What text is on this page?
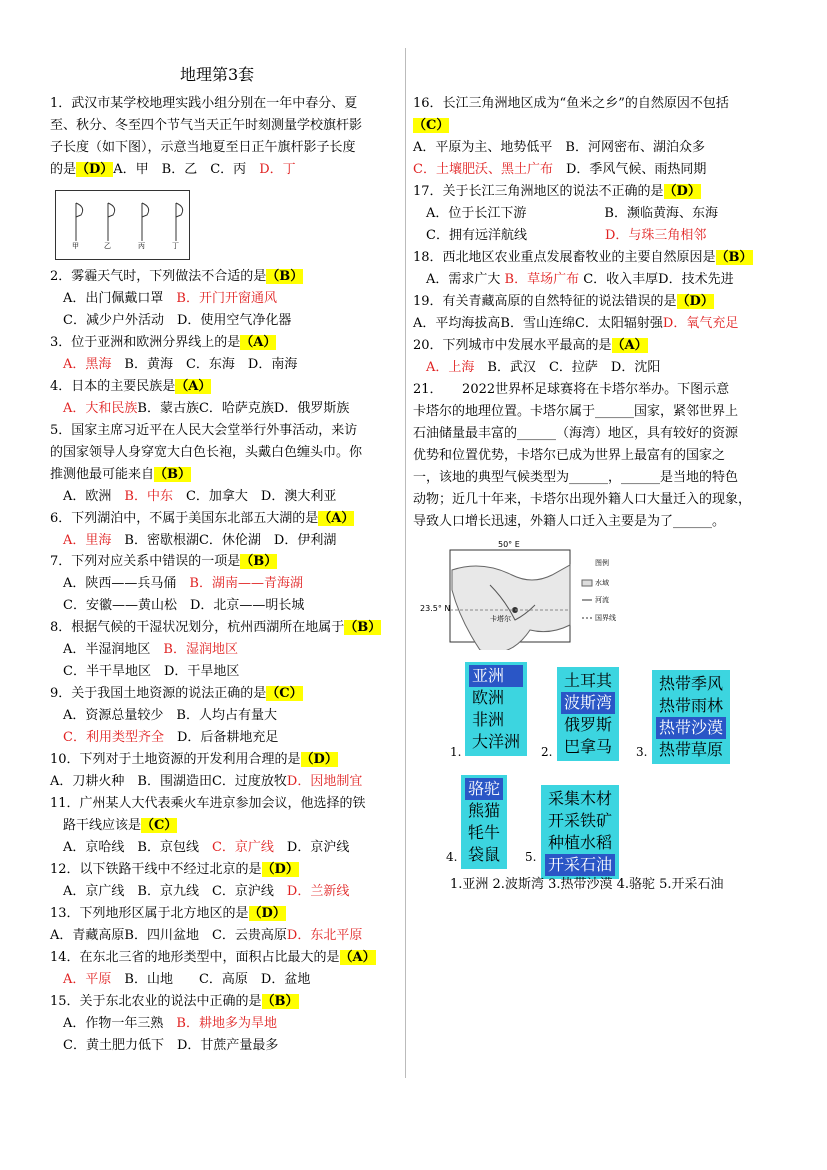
地理第3套
1．武汉市某学校地理实践小组分别在一年中春分、夏
至、秋分、冬至四个节气当天正午时刻测量学校旗杆影
子长度（如下图），示意当地夏至日正午旗杆影子长度
的是（D）A．甲　B．乙　C．丙　D．丁
2．雾霾天气时，下列做法不合适的是（B）
　A．出门佩戴口罩　B．开门开窗通风
　C．减少户外活动　D．使用空气净化器
3．位于亚洲和欧洲分界线上的是（A）
　A．黑海　B．黄海　C．东海　D．南海
4．日本的主要民族是（A）
　A．大和民族B．蒙古族C．哈萨克族D．俄罗斯族
5．国家主席习近平在人民大会堂举行外事活动，来访
的国家领导人身穿宽大白色长袍，头戴白色缠头巾。你
推测他最可能来自（B）
　A．欧洲　B．中东　C．加拿大　D．澳大利亚
6．下列湖泊中，不属于美国东北部五大湖的是（A）
　A．里海　B．密歇根湖C．休伦湖　D．伊利湖
7．下列对应关系中错误的一项是（B）
　A．陕西——兵马俑　B．湖南——青海湖
　C．安徽——黄山松　D．北京——明长城
8．根据气候的干湿状况划分，杭州西湖所在地属于（B）
　A．半湿润地区　B．湿润地区
　C．半干旱地区　D．干旱地区
9．关于我国土地资源的说法正确的是（C）
　A．资源总量较少　B．人均占有量大
　C．利用类型齐全　D．后备耕地充足
10．下列对于土地资源的开发利用合理的是（D）
A．刀耕火种　B．围湖造田C．过度放牧D．因地制宜
11．广州某人大代表乘火车进京参加会议，他选择的铁
　路干线应该是（C）
　A．京哈线　B．京包线　C．京广线　D．京沪线
12．以下铁路干线中不经过北京的是（D）
　A．京广线　B．京九线　C．京沪线　D．兰新线
13．下列地形区属于北方地区的是（D）
A．青藏高原B．四川盆地　C．云贵高原D．东北平原
14．在东北三省的地形类型中，面积占比最大的是（A）
　A．平原　B．山地　　C．高原　D．盆地
15．关于东北农业的说法中正确的是（B）
　A．作物一年三熟　B．耕地多为旱地
　C．黄土肥力低下　D．甘蔗产量最多
16．长江三角洲地区成为“鱼米之乡”的自然原因不包括
（C）
A．平原为主、地势低平　B．河网密布、湖泊众多
C．土壤肥沃、黑土广布　D．季风气候、雨热同期
17．关于长江三角洲地区的说法不正确的是（D）
　A．位于长江下游　　　　　　B．濒临黄海、东海
　C．拥有远洋航线　　　　　　D．与珠三角相邻
18．西北地区农业重点发展畜牧业的主要自然原因是（B）
　A．需求广大 B．草场广布 C．收入丰厚D．技术先进
19．有关青藏高原的自然特征的说法错误的是（D）
A．平均海拔高B．雪山连绵C．太阳辐射强D．氧气充足
20．下列城市中发展水平最高的是（A）
　A．上海　B．武汉　C．拉萨　D．沈阳
21．　　2022世界杯足球赛将在卡塔尔举办。下图示意
卡塔尔的地理位置。卡塔尔属于______国家，紧邻世界上
石油储量最丰富的______（海湾）地区，具有较好的资源
优势和位置优势，卡塔尔已成为世界上最富有的国家之
一，该地的典型气候类型为______，______是当地的特色
动物；近几十年来，卡塔尔出现外籍人口大量迁入的现象，
导致人口增长迅速，外籍人口迁入主要是为了______。
甲	乙	丙	丁
50° E
23.5° N
卡塔尔
图例
河流
水域
国界线
1.
亚洲
欧洲
非洲
大洋洲
2.
土耳其
波斯湾
俄罗斯
巴拿马 3.
热带季风
热带雨林
热带沙漠
热带草原
4.
骆驼
熊猫
牦牛
袋鼠 5.
采集木材
开采铁矿
种植水稻
开采石油
1.亚洲 2.波斯湾 3.热带沙漠 4.骆驼 5.开采石油
